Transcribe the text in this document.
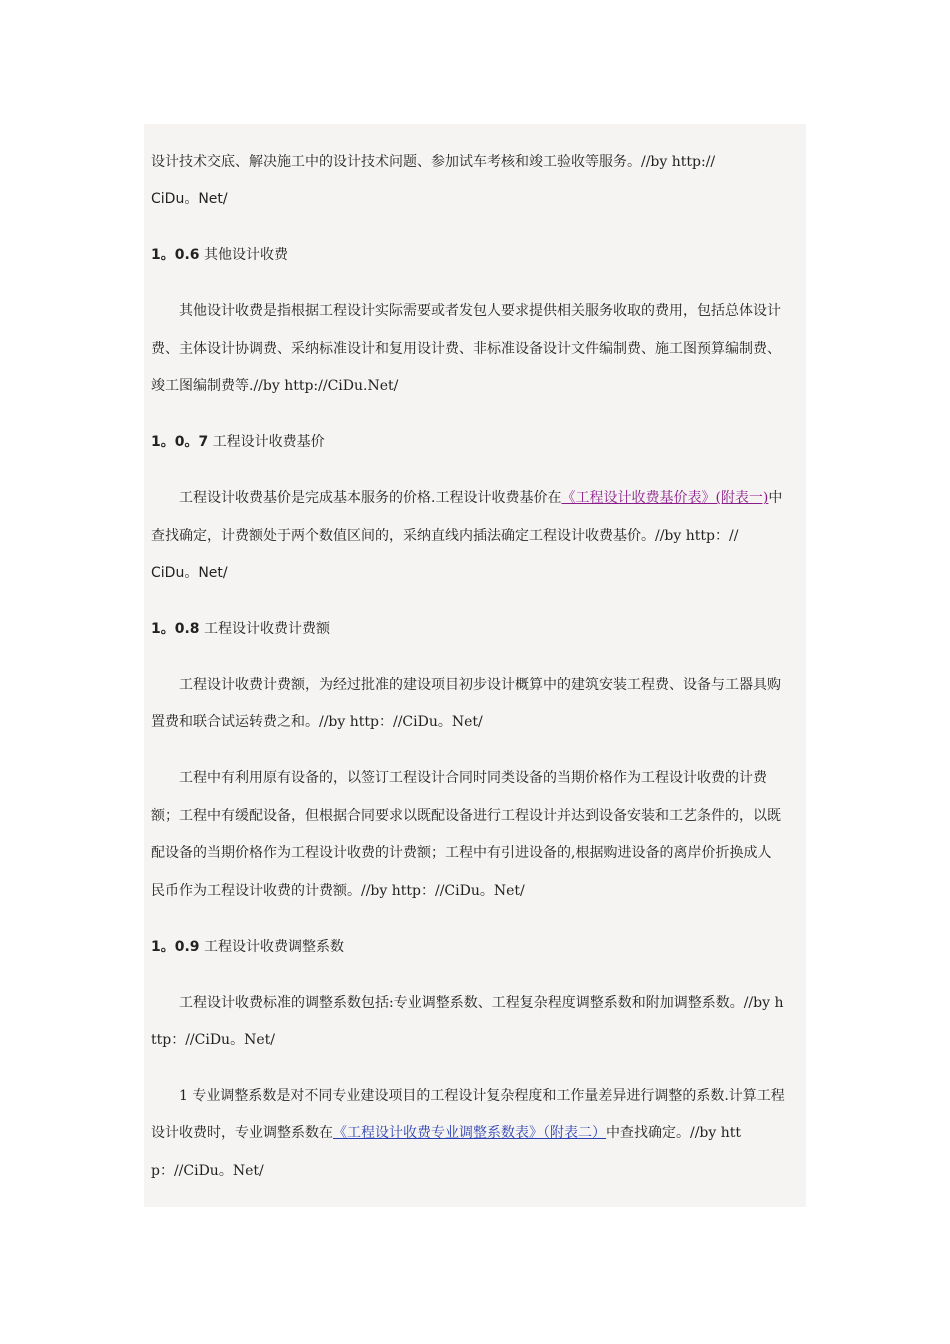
设计技术交底、解决施工中的设计技术问题、参加试车考核和竣工验收等服务。//by http://

CiDu。Net/

1。0.6 其他设计收费

其他设计收费是指根据工程设计实际需要或者发包人要求提供相关服务收取的费用，包括总体设计

费、主体设计协调费、采纳标准设计和复用设计费、非标准设备设计文件编制费、施工图预算编制费、

竣工图编制费等.//by http://CiDu.Net/

1。0。7 工程设计收费基价

工程设计收费基价是完成基本服务的价格.工程设计收费基价在《工程设计收费基价表》(附表一)中

查找确定，计费额处于两个数值区间的，采纳直线内插法确定工程设计收费基价。//by http：//

CiDu。Net/

1。0.8 工程设计收费计费额

工程设计收费计费额，为经过批准的建设项目初步设计概算中的建筑安装工程费、设备与工器具购

置费和联合试运转费之和。//by http：//CiDu。Net/

工程中有利用原有设备的，以签订工程设计合同时同类设备的当期价格作为工程设计收费的计费

额；工程中有缓配设备，但根据合同要求以既配设备进行工程设计并达到设备安装和工艺条件的，以既

配设备的当期价格作为工程设计收费的计费额；工程中有引进设备的,根据购进设备的离岸价折换成人

民币作为工程设计收费的计费额。//by http：//CiDu。Net/

1。0.9 工程设计收费调整系数

工程设计收费标准的调整系数包括:专业调整系数、工程复杂程度调整系数和附加调整系数。//by h

ttp：//CiDu。Net/

1 专业调整系数是对不同专业建设项目的工程设计复杂程度和工作量差异进行调整的系数.计算工程

设计收费时，专业调整系数在《工程设计收费专业调整系数表》（附表二）中查找确定。//by htt

p：//CiDu。Net/
